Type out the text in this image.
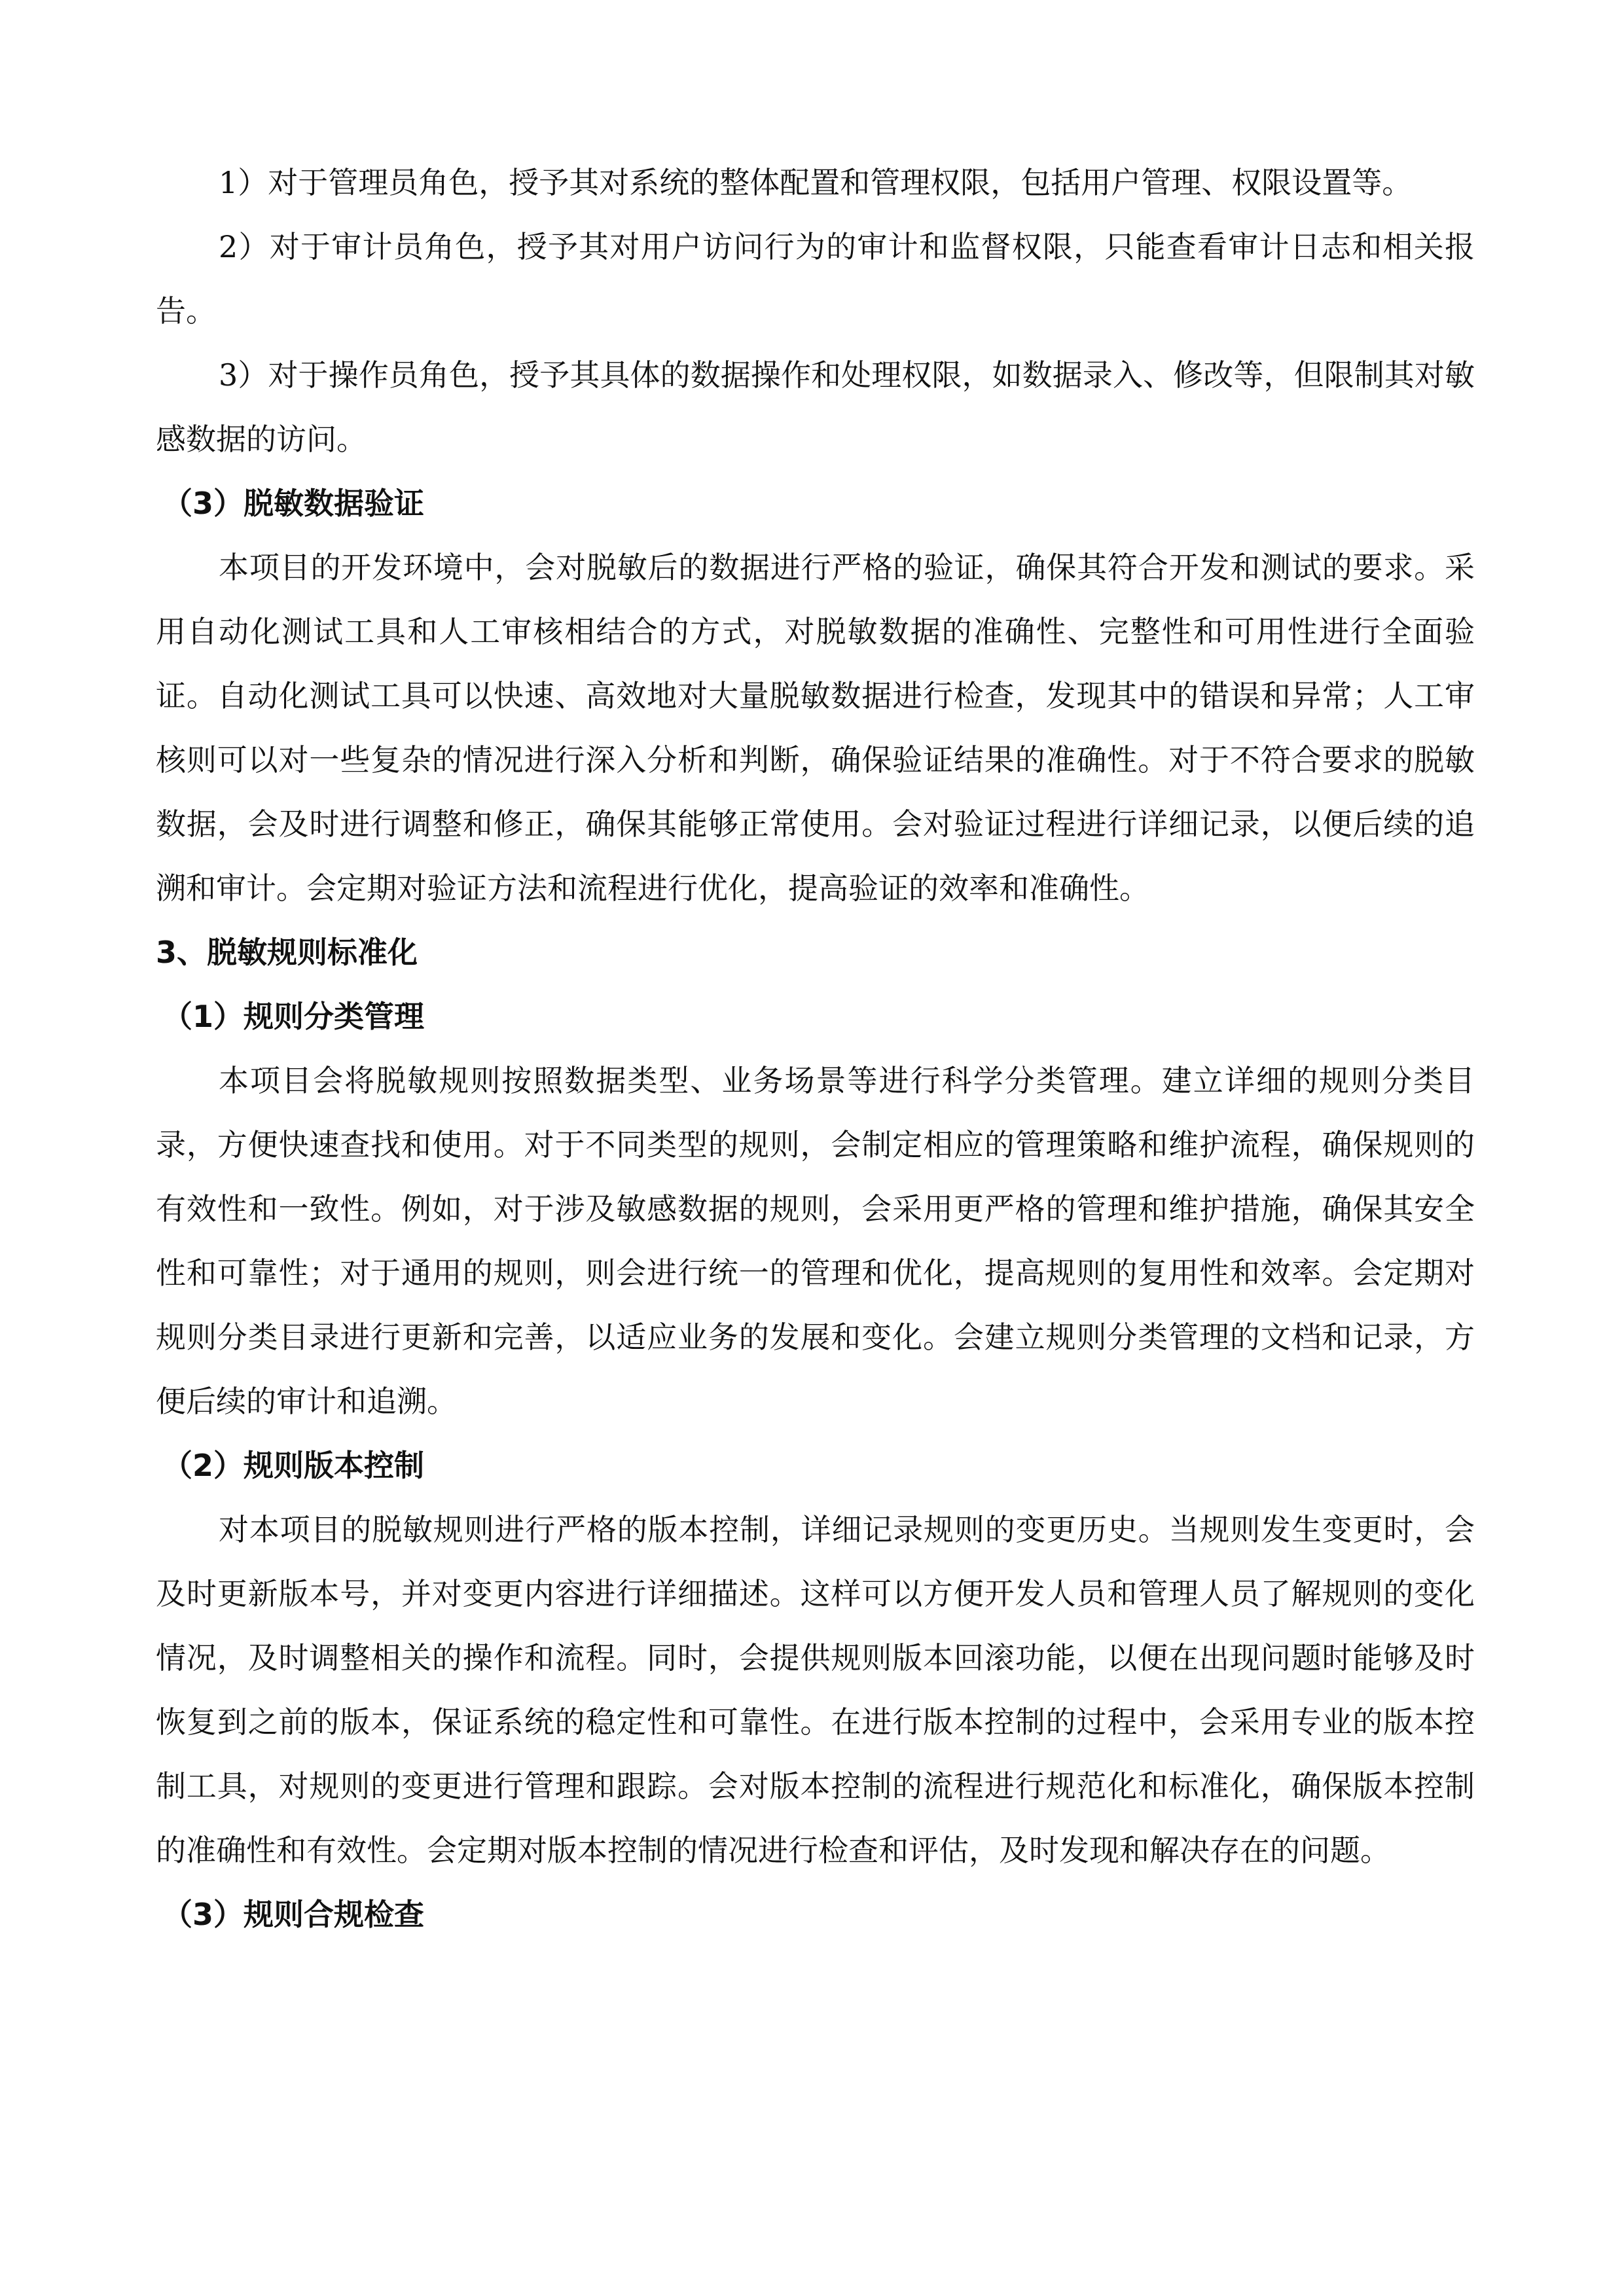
1）对于管理员角色，授予其对系统的整体配置和管理权限，包括用户管理、权限设置等。

2）对于审计员角色，授予其对用户访问行为的审计和监督权限，只能查看审计日志和相关报告。

3）对于操作员角色，授予其具体的数据操作和处理权限，如数据录入、修改等，但限制其对敏感数据的访问。

（3）脱敏数据验证

本项目的开发环境中，会对脱敏后的数据进行严格的验证，确保其符合开发和测试的要求。采用自动化测试工具和人工审核相结合的方式，对脱敏数据的准确性、完整性和可用性进行全面验证。自动化测试工具可以快速、高效地对大量脱敏数据进行检查，发现其中的错误和异常；人工审核则可以对一些复杂的情况进行深入分析和判断，确保验证结果的准确性。对于不符合要求的脱敏数据，会及时进行调整和修正，确保其能够正常使用。会对验证过程进行详细记录，以便后续的追溯和审计。会定期对验证方法和流程进行优化，提高验证的效率和准确性。

3、脱敏规则标准化
（1）规则分类管理

本项目会将脱敏规则按照数据类型、业务场景等进行科学分类管理。建立详细的规则分类目录，方便快速查找和使用。对于不同类型的规则，会制定相应的管理策略和维护流程，确保规则的有效性和一致性。例如，对于涉及敏感数据的规则，会采用更严格的管理和维护措施，确保其安全性和可靠性；对于通用的规则，则会进行统一的管理和优化，提高规则的复用性和效率。会定期对规则分类目录进行更新和完善，以适应业务的发展和变化。会建立规则分类管理的文档和记录，方便后续的审计和追溯。

（2）规则版本控制

对本项目的脱敏规则进行严格的版本控制，详细记录规则的变更历史。当规则发生变更时，会及时更新版本号，并对变更内容进行详细描述。这样可以方便开发人员和管理人员了解规则的变化情况，及时调整相关的操作和流程。同时，会提供规则版本回滚功能，以便在出现问题时能够及时恢复到之前的版本，保证系统的稳定性和可靠性。在进行版本控制的过程中，会采用专业的版本控制工具，对规则的变更进行管理和跟踪。会对版本控制的流程进行规范化和标准化，确保版本控制的准确性和有效性。会定期对版本控制的情况进行检查和评估，及时发现和解决存在的问题。

（3）规则合规检查
